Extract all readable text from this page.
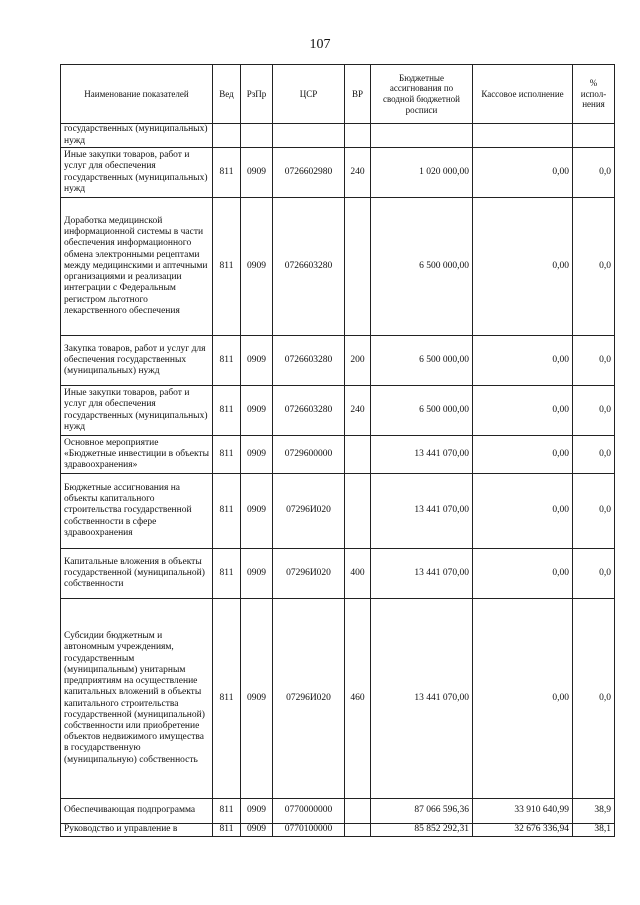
107
Наименование показателей	Вед	РзПр	ЦСР	ВР	Бюджетные ассигнования по сводной бюджетной росписи	Кассовое исполнение	% испол-нения
государственных (муниципальных) нужд							
Иные закупки товаров, работ и услуг для обеспечения государственных (муниципальных) нужд	811	0909	0726602980	240	1 020 000,00	0,00	0,0
Доработка медицинской информационной системы в части обеспечения информационного обмена электронными рецептами между медицинскими и аптечными организациями и реализации интеграции с Федеральным регистром льготного лекарственного обеспечения	811	0909	0726603280		6 500 000,00	0,00	0,0
Закупка товаров, работ и услуг для обеспечения государственных (муниципальных) нужд	811	0909	0726603280	200	6 500 000,00	0,00	0,0
Иные закупки товаров, работ и услуг для обеспечения государственных (муниципальных) нужд	811	0909	0726603280	240	6 500 000,00	0,00	0,0
Основное мероприятие «Бюджетные инвестиции в объекты здравоохранения»	811	0909	0729600000		13 441 070,00	0,00	0,0
Бюджетные ассигнования на объекты капитального строительства государственной собственности в сфере здравоохранения	811	0909	07296И020		13 441 070,00	0,00	0,0
Капитальные вложения в объекты государственной (муниципальной) собственности	811	0909	07296И020	400	13 441 070,00	0,00	0,0
Субсидии бюджетным и автономным учреждениям, государственным (муниципальным) унитарным предприятиям на осуществление капитальных вложений в объекты капитального строительства государственной (муниципальной) собственности или приобретение объектов недвижимого имущества в государственную (муниципальную) собственность	811	0909	07296И020	460	13 441 070,00	0,00	0,0
Обеспечивающая подпрограмма	811	0909	0770000000		87 066 596,36	33 910 640,99	38,9
Руководство и управление в	811	0909	0770100000		85 852 292,31	32 676 336,94	38,1
